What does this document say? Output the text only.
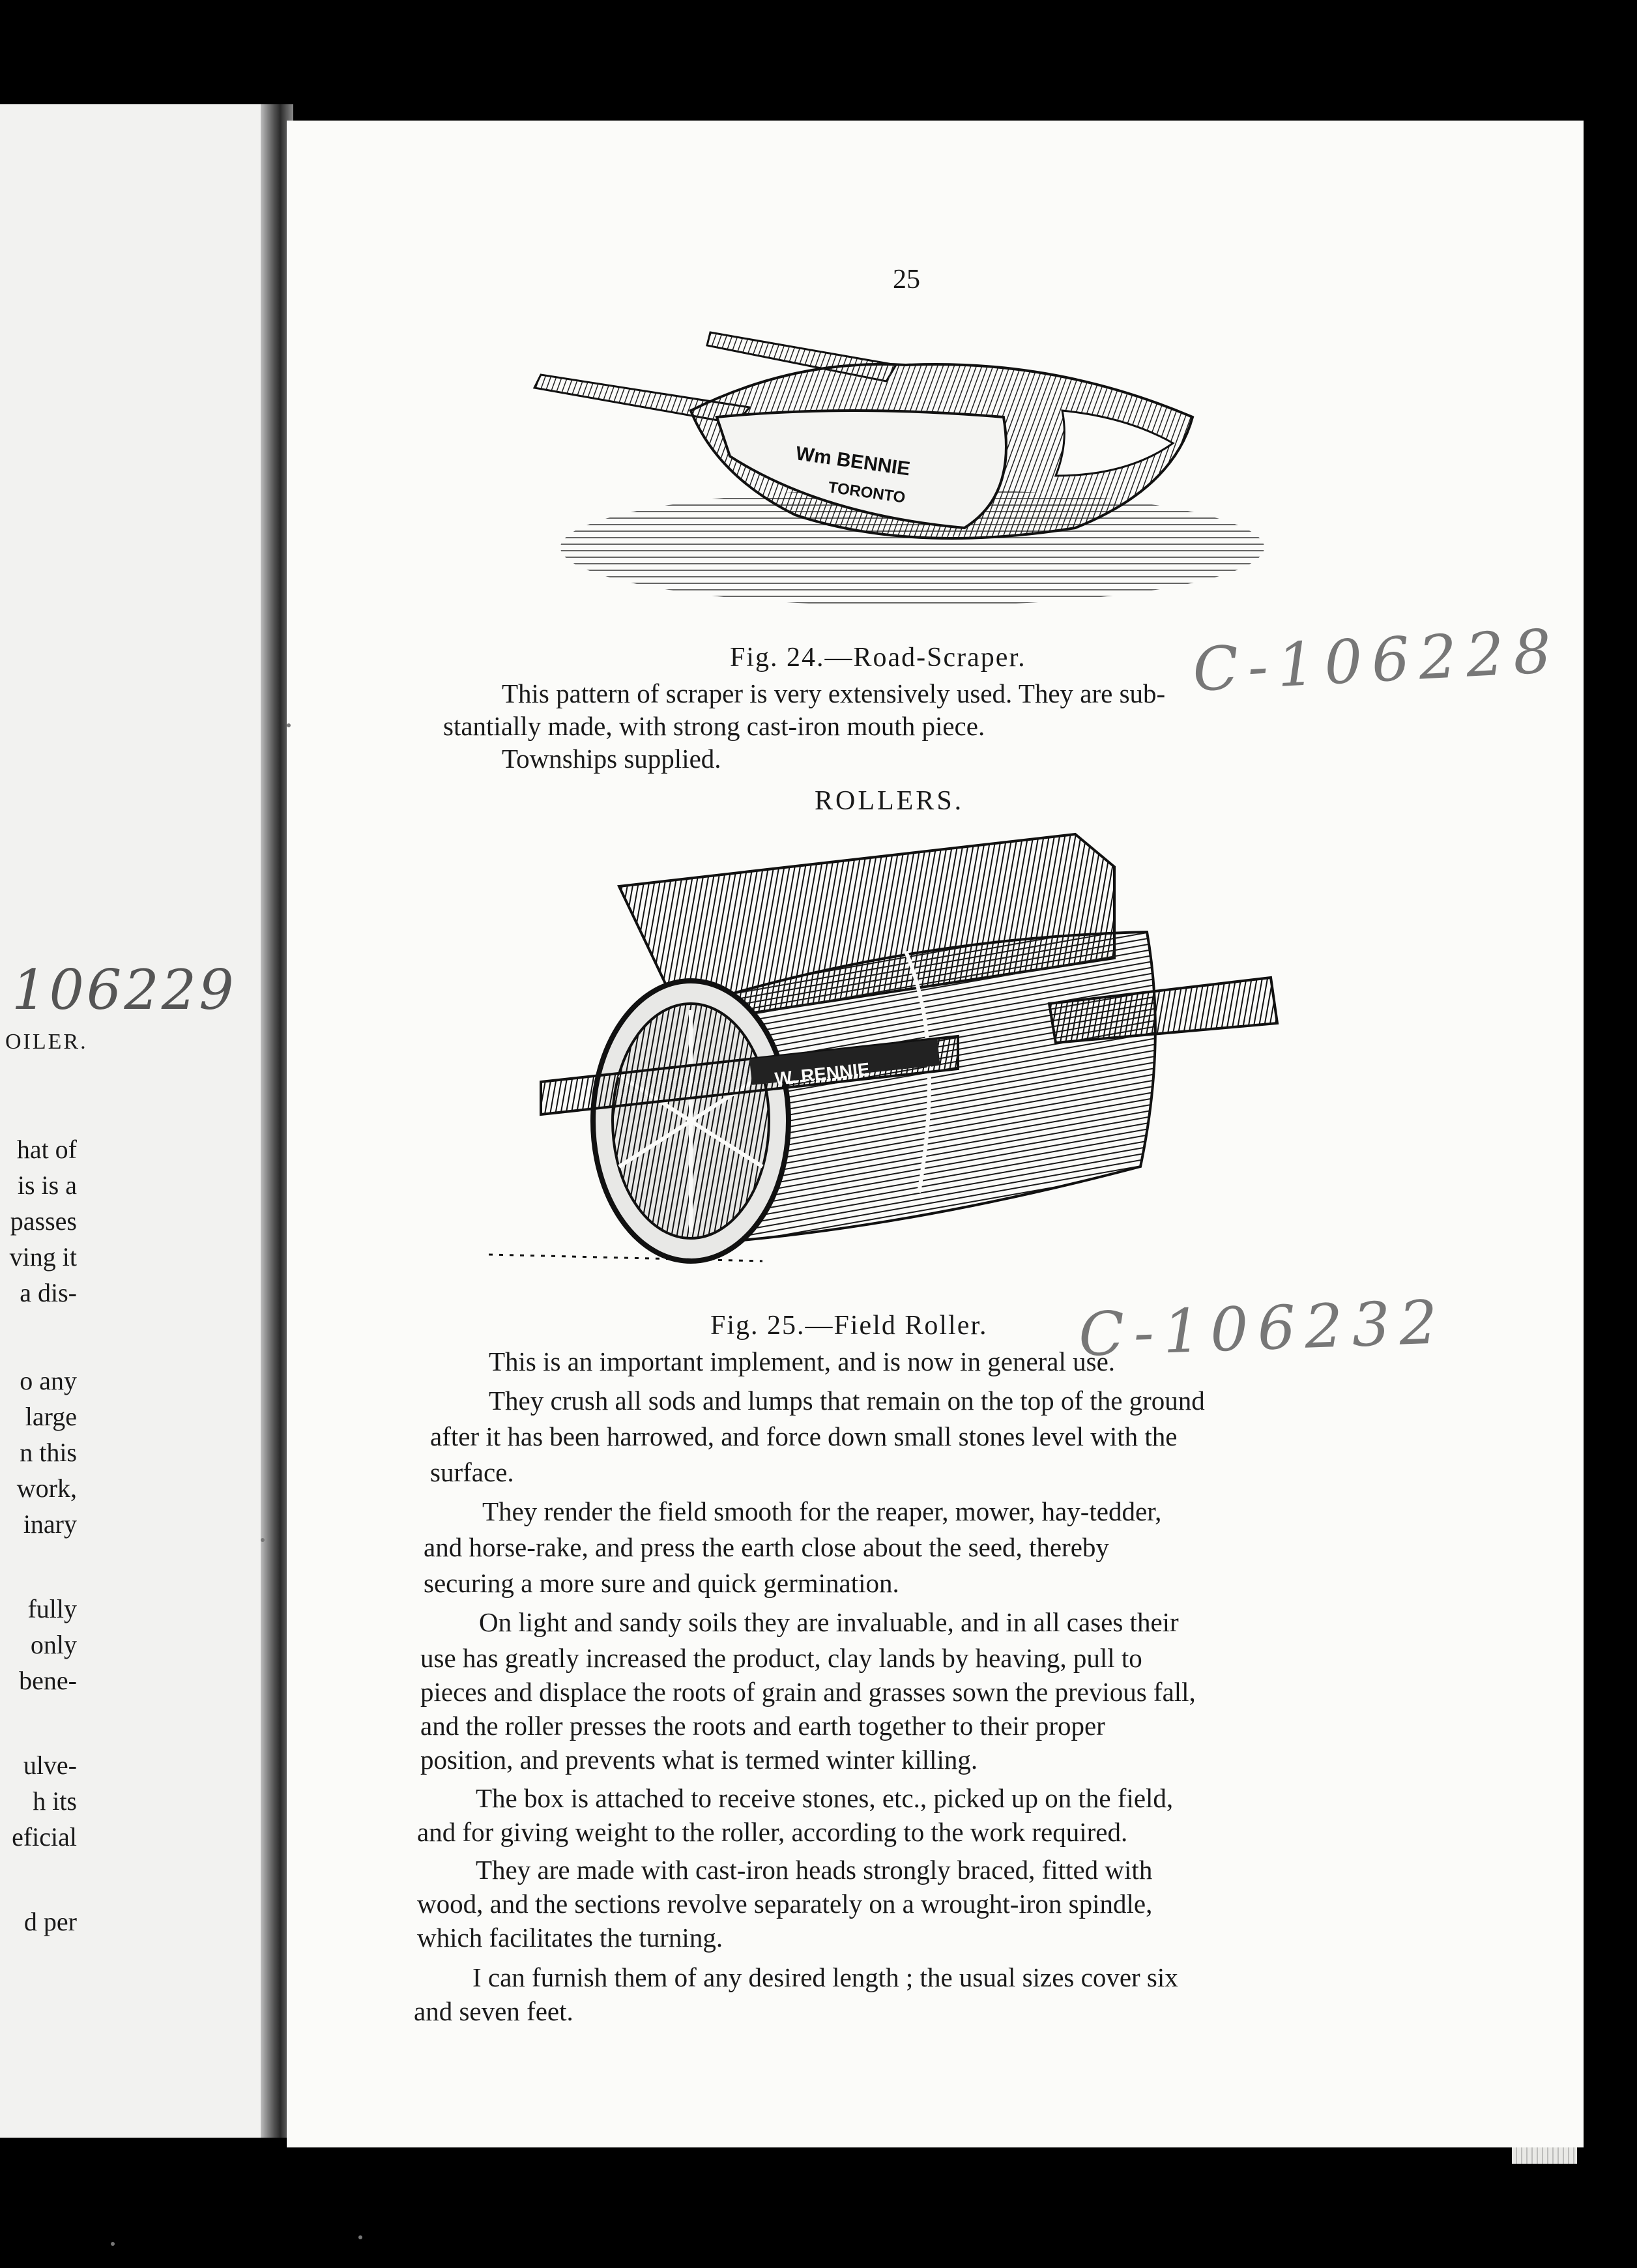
106229
OILER.
hat of
is is a
passes
ving it
a dis-
o any
large
n this
work,
inary
fully
only
bene-
ulve-
h its
eficial
d per
25
Wm BENNIE
TORONTO
Fig. 24.—Road-Scraper.	C-106228
This pattern of scraper is very extensively used. They are sub-
stantially made, with strong cast-iron mouth piece.
Townships supplied.
ROLLERS.
W. RENNIE
Fig. 25.—Field Roller. C-106232
This is an important implement, and is now in general use.
They crush all sods and lumps that remain on the top of the ground
after it has been harrowed, and force down small stones level with the
surface.
They render the field smooth for the reaper, mower, hay-tedder,
and horse-rake, and press the earth close about the seed, thereby
securing a more sure and quick germination.
On light and sandy soils they are invaluable, and in all cases their
use has greatly increased the product, clay lands by heaving, pull to
pieces and displace the roots of grain and grasses sown the previous fall,
and the roller presses the roots and earth together to their proper
position, and prevents what is termed winter killing.
The box is attached to receive stones, etc., picked up on the field,
and for giving weight to the roller, according to the work required.
They are made with cast-iron heads strongly braced, fitted with
wood, and the sections revolve separately on a wrought-iron spindle,
which facilitates the turning.
I can furnish them of any desired length ; the usual sizes cover six
and seven feet.
